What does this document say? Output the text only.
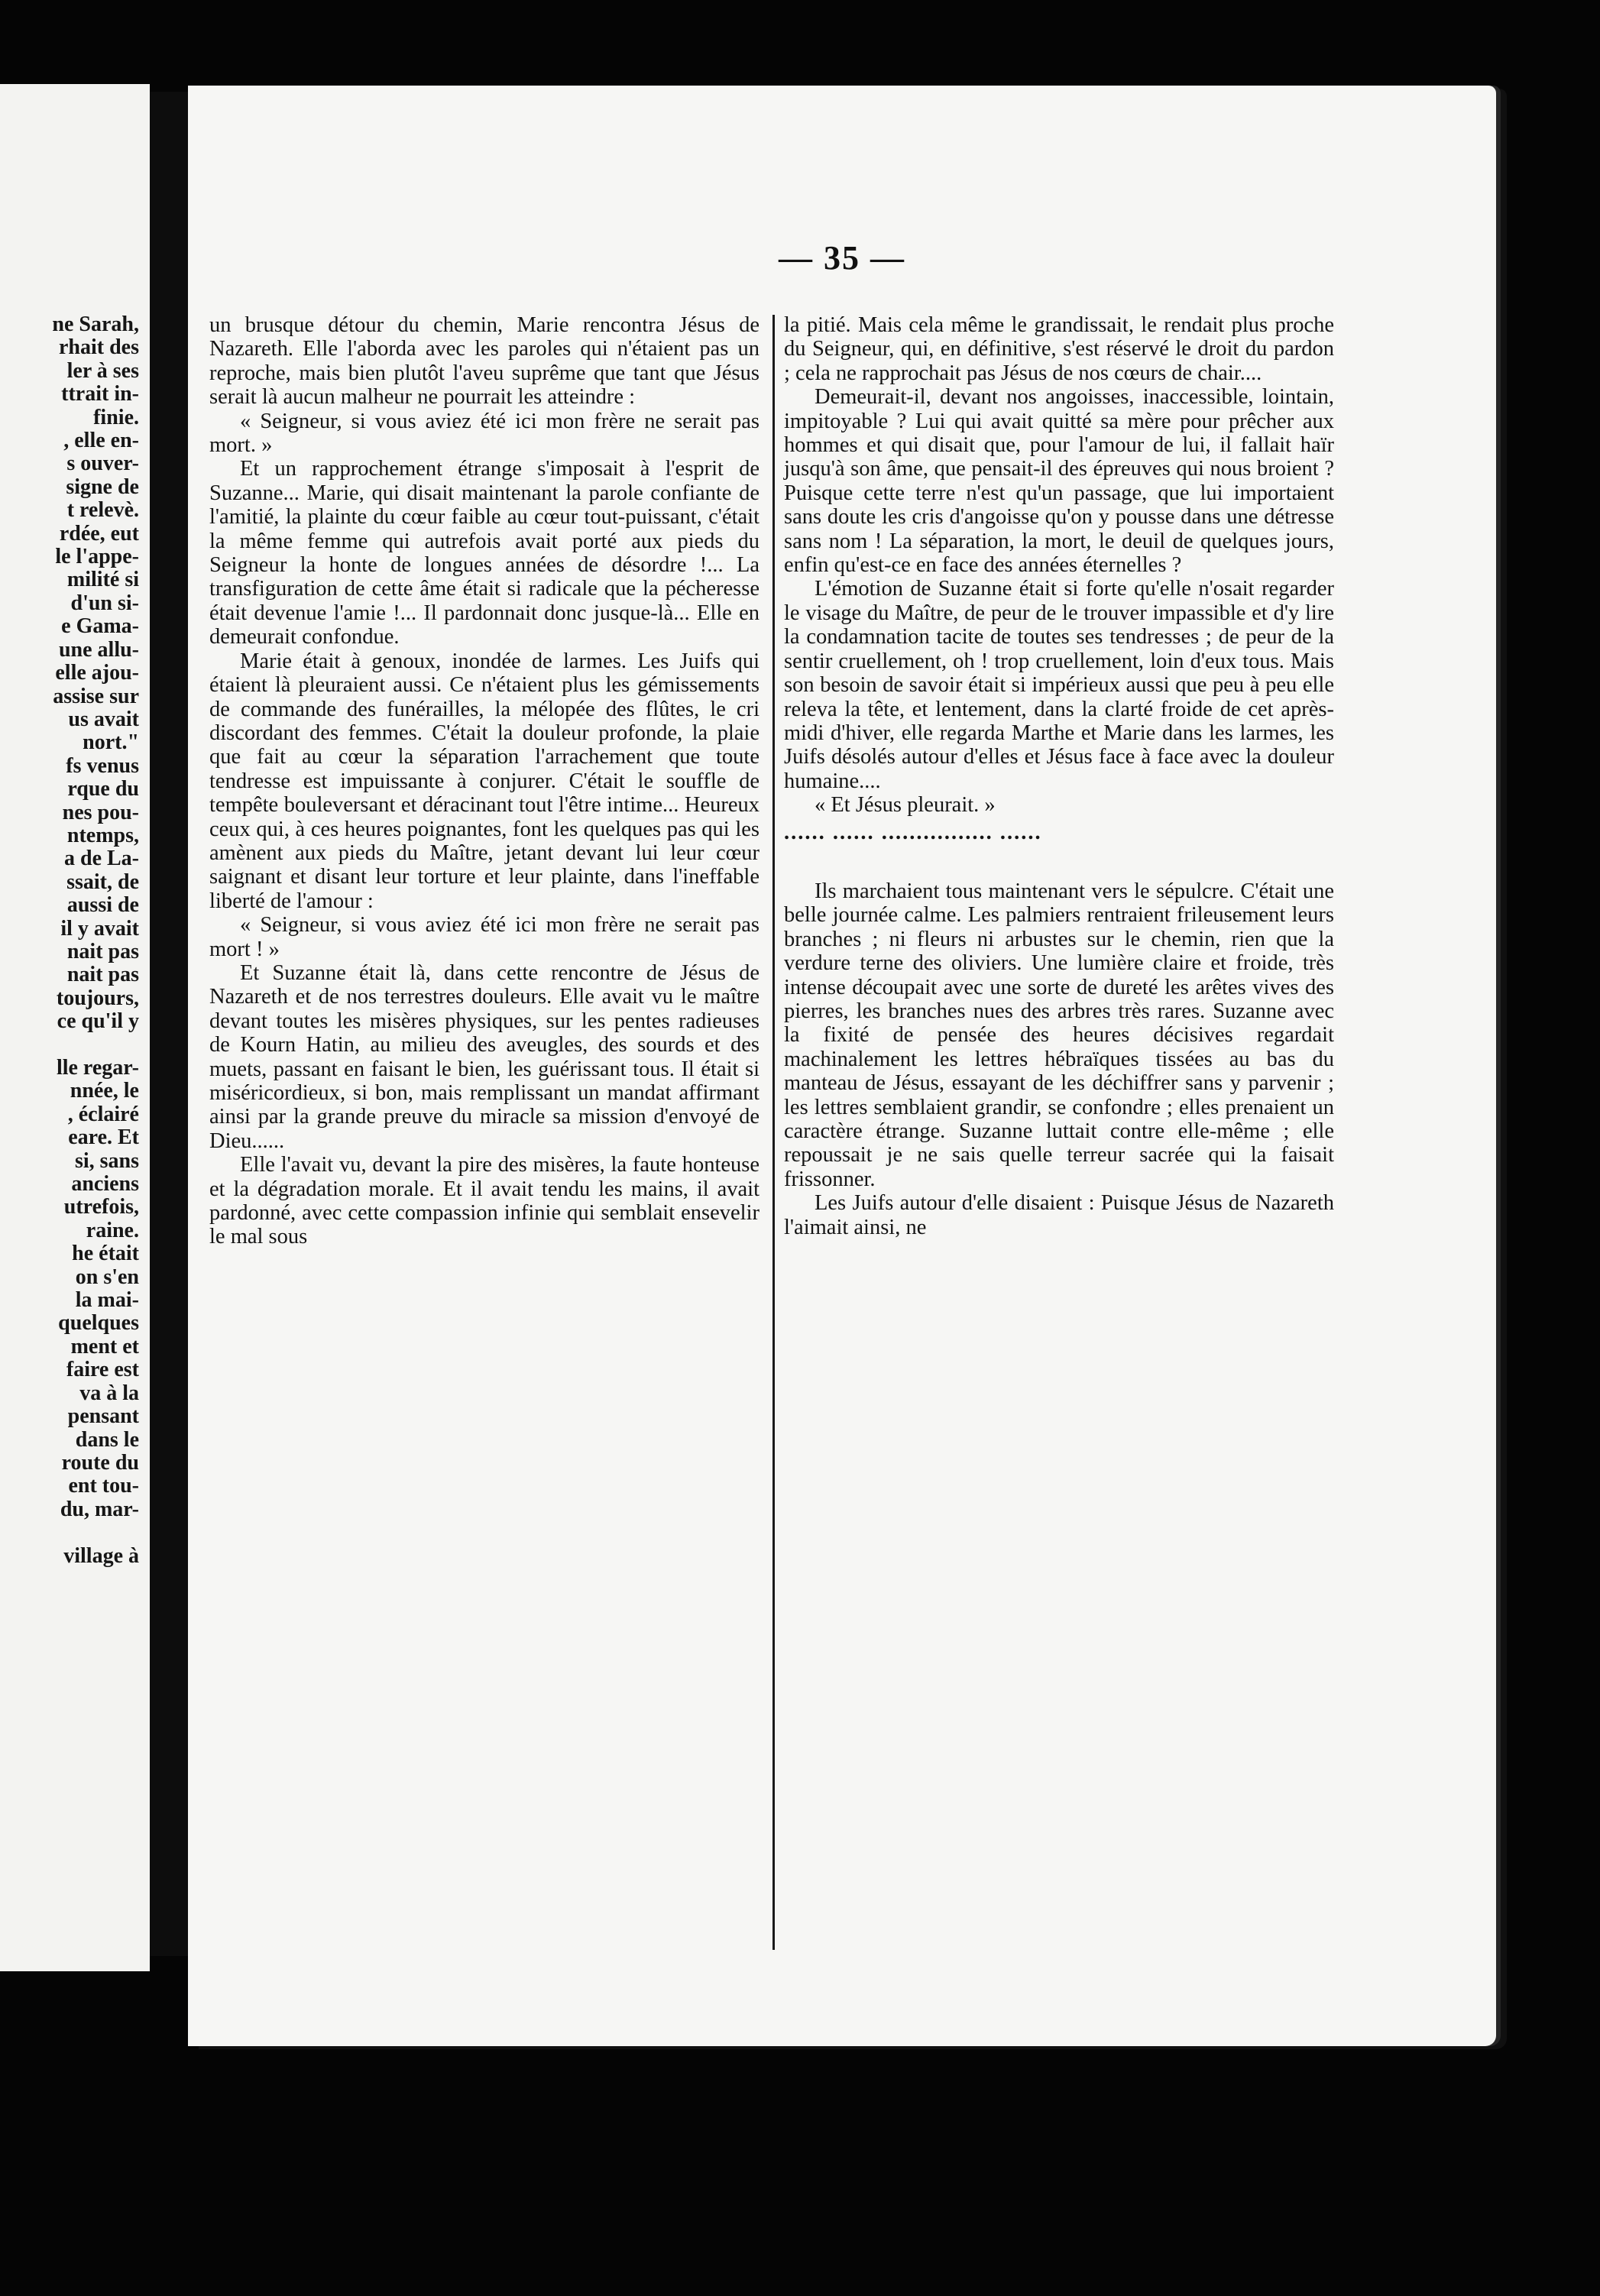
ne Sarah,
rhait des
ler à ses
ttrait in-
finie.
, elle en-
s ouver-
signe de
t relevè.
rdée, eut
le l'appe-
milité si
d'un si-
e Gama-
une allu-
elle ajou-
assise sur
us avait
nort."
fs venus
rque du
nes pou-
ntemps,
a de La-
ssait, de
aussi de
il y avait
nait pas
nait pas
toujours,
ce qu'il y

lle regar-
nnée, le
, éclairé
eare. Et
si, sans
anciens
utrefois,
raine.
he était
on s'en
la mai-
quelques
ment et
faire est
va à la
pensant
dans le
route du
ent tou-
du, mar-

village à
— 35 —

un brusque détour du chemin, Marie rencontra Jésus de Nazareth. Elle l'aborda avec les paroles qui n'étaient pas un reproche, mais bien plutôt l'aveu suprême que tant que Jésus serait là aucun malheur ne pourrait les atteindre :

« Seigneur, si vous aviez été ici mon frère ne serait pas mort. »

Et un rapprochement étrange s'imposait à l'esprit de Suzanne... Marie, qui disait maintenant la parole confiante de l'amitié, la plainte du cœur faible au cœur tout-puissant, c'était la même femme qui autrefois avait porté aux pieds du Seigneur la honte de longues années de désordre !... La transfiguration de cette âme était si radicale que la pécheresse était devenue l'amie !... Il pardonnait donc jusque-là... Elle en demeurait confondue.

Marie était à genoux, inondée de larmes. Les Juifs qui étaient là pleuraient aussi. Ce n'étaient plus les gémissements de commande des funérailles, la mélopée des flûtes, le cri discordant des femmes. C'était la douleur profonde, la plaie que fait au cœur la séparation l'arrachement que toute tendresse est impuissante à conjurer. C'était le souffle de tempête bouleversant et déracinant tout l'être intime... Heureux ceux qui, à ces heures poignantes, font les quelques pas qui les amènent aux pieds du Maître, jetant devant lui leur cœur saignant et disant leur torture et leur plainte, dans l'ineffable liberté de l'amour :

« Seigneur, si vous aviez été ici mon frère ne serait pas mort ! »

Et Suzanne était là, dans cette rencontre de Jésus de Nazareth et de nos terrestres douleurs. Elle avait vu le maître devant toutes les misères physiques, sur les pentes radieuses de Kourn Hatin, au milieu des aveugles, des sourds et des muets, passant en faisant le bien, les guérissant tous. Il était si miséricordieux, si bon, mais remplissant un mandat affirmant ainsi par la grande preuve du miracle sa mission d'envoyé de Dieu......

Elle l'avait vu, devant la pire des misères, la faute honteuse et la dégradation morale. Et il avait tendu les mains, il avait pardonné, avec cette compassion infinie qui semblait ensevelir le mal sous

la pitié. Mais cela même le grandissait, le rendait plus proche du Seigneur, qui, en définitive, s'est réservé le droit du pardon ; cela ne rapprochait pas Jésus de nos cœurs de chair....

Demeurait-il, devant nos angoisses, inaccessible, lointain, impitoyable ? Lui qui avait quitté sa mère pour prêcher aux hommes et qui disait que, pour l'amour de lui, il fallait haïr jusqu'à son âme, que pensait-il des épreuves qui nous broient ? Puisque cette terre n'est qu'un passage, que lui importaient sans doute les cris d'angoisse qu'on y pousse dans une détresse sans nom ! La séparation, la mort, le deuil de quelques jours, enfin qu'est-ce en face des années éternelles ?

L'émotion de Suzanne était si forte qu'elle n'osait regarder le visage du Maître, de peur de le trouver impassible et d'y lire la condamnation tacite de toutes ses tendresses ; de peur de la sentir cruellement, oh ! trop cruellement, loin d'eux tous. Mais son besoin de savoir était si impérieux aussi que peu à peu elle releva la tête, et lentement, dans la clarté froide de cet après-midi d'hiver, elle regarda Marthe et Marie dans les larmes, les Juifs désolés autour d'elles et Jésus face à face avec la douleur humaine....

« Et Jésus pleurait. »

...... ...... ................ ......

Ils marchaient tous maintenant vers le sépulcre. C'était une belle journée calme. Les palmiers rentraient frileusement leurs branches ; ni fleurs ni arbustes sur le chemin, rien que la verdure terne des oliviers. Une lumière claire et froide, très intense découpait avec une sorte de dureté les arêtes vives des pierres, les branches nues des arbres très rares. Suzanne avec la fixité de pensée des heures décisives regardait machinalement les lettres hébraïques tissées au bas du manteau de Jésus, essayant de les déchiffrer sans y parvenir ; les lettres semblaient grandir, se confondre ; elles prenaient un caractère étrange. Suzanne luttait contre elle-même ; elle repoussait je ne sais quelle terreur sacrée qui la faisait frissonner.

Les Juifs autour d'elle disaient : Puisque Jésus de Nazareth l'aimait ainsi, ne
